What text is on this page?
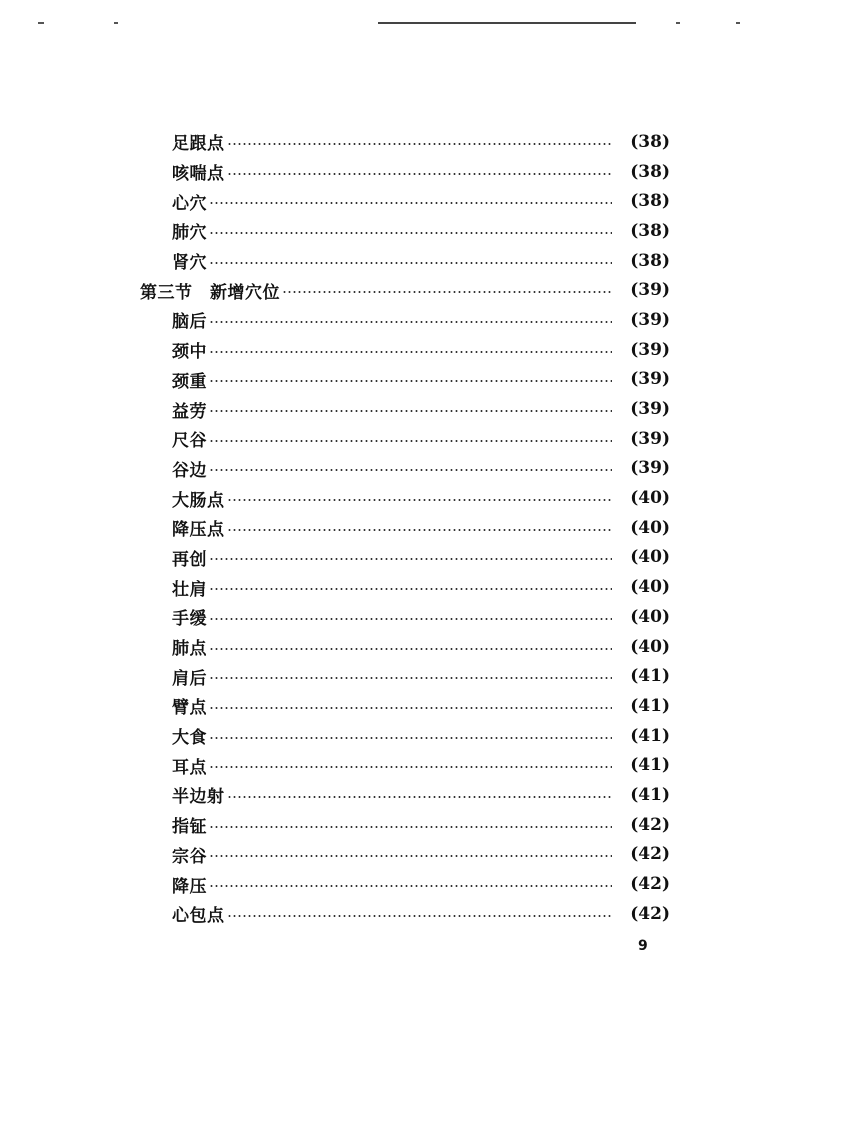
足跟点	(38)
咳喘点	(38)
心穴	(38)
肺穴	(38)
肾穴	(38)
第三节　新增穴位	(39)
脑后	(39)
颈中	(39)
颈重	(39)
益劳	(39)
尺谷	(39)
谷边	(39)
大肠点	(40)
降压点	(40)
再创	(40)
壮肩	(40)
手缓	(40)
肺点	(40)
肩后	(41)
臂点	(41)
大食	(41)
耳点	(41)
半边射	(41)
指钲	(42)
宗谷	(42)
降压	(42)
心包点	(42)
9
